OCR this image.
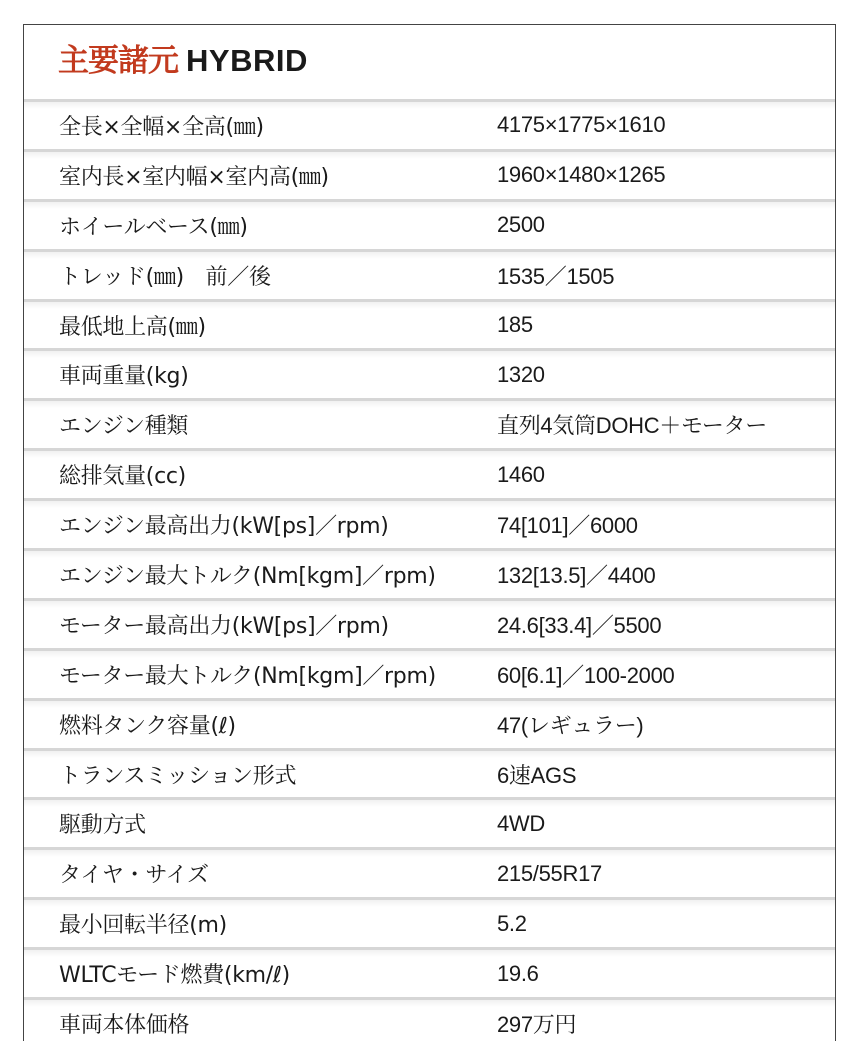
主要諸元 HYBRID
全長×全幅×全高(㎜)	4175×1775×1610
室内長×室内幅×室内高(㎜)	1960×1480×1265
ホイールベース(㎜)	2500
トレッド(㎜)　前／後	1535／1505
最低地上高(㎜)	185
車両重量(kg)	1320
エンジン種類	直列4気筒DOHC＋モーター
総排気量(cc)	1460
エンジン最高出力(kW[ps]／rpm)	74[101]／6000
エンジン最大トルク(Nm[kgm]／rpm)	132[13.5]／4400
モーター最高出力(kW[ps]／rpm)	24.6[33.4]／5500
モーター最大トルク(Nm[kgm]／rpm)	60[6.1]／100-2000
燃料タンク容量(ℓ)	47(レギュラー)
トランスミッション形式	6速AGS
駆動方式	4WD
タイヤ・サイズ	215/55R17
最小回転半径(m)	5.2
WLTCモード燃費(km/ℓ)	19.6
車両本体価格	297万円
